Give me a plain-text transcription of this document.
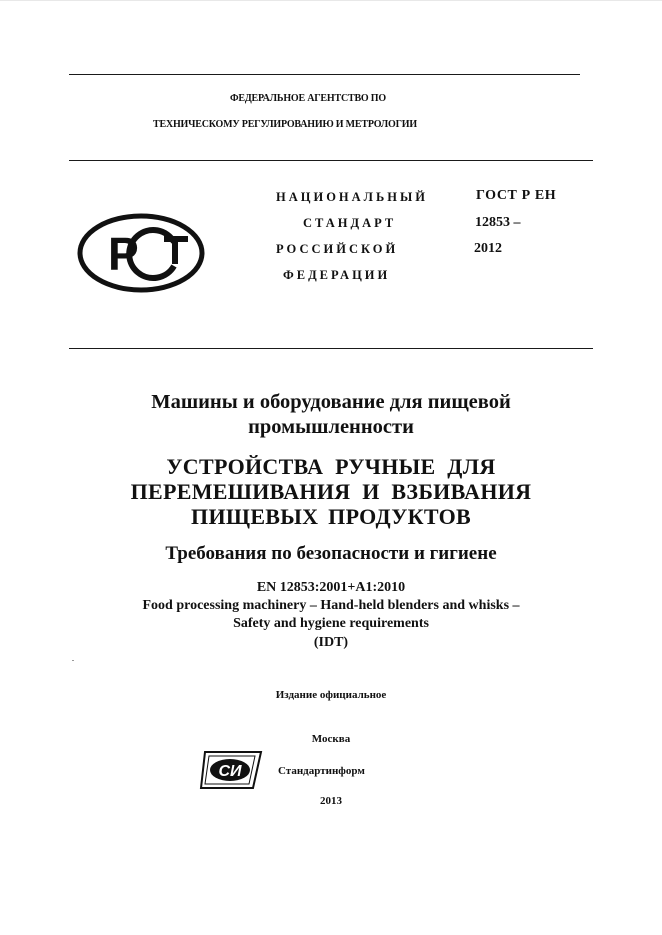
ФЕДЕРАЛЬНОЕ АГЕНТСТВО ПО
ТЕХНИЧЕСКОМУ РЕГУЛИРОВАНИЮ И МЕТРОЛОГИИ
P
НАЦИОНАЛЬНЫЙ
СТАНДАРТ
РОССИЙСКОЙ
ФЕДЕРАЦИИ
ГОСТ Р ЕН
12853 –
2012
Машины и оборудование для пищевой
промышленности
УСТРОЙСТВА РУЧНЫЕ ДЛЯ
ПЕРЕМЕШИВАНИЯ И ВЗБИВАНИЯ
ПИЩЕВЫХ ПРОДУКТОВ
Требования по безопасности и гигиене
EN 12853:2001+A1:2010
Food processing machinery – Hand-held blenders and whisks –
Safety and hygiene requirements
(IDT)
Издание официальное
Москва
СИ	Стандартинформ
2013
